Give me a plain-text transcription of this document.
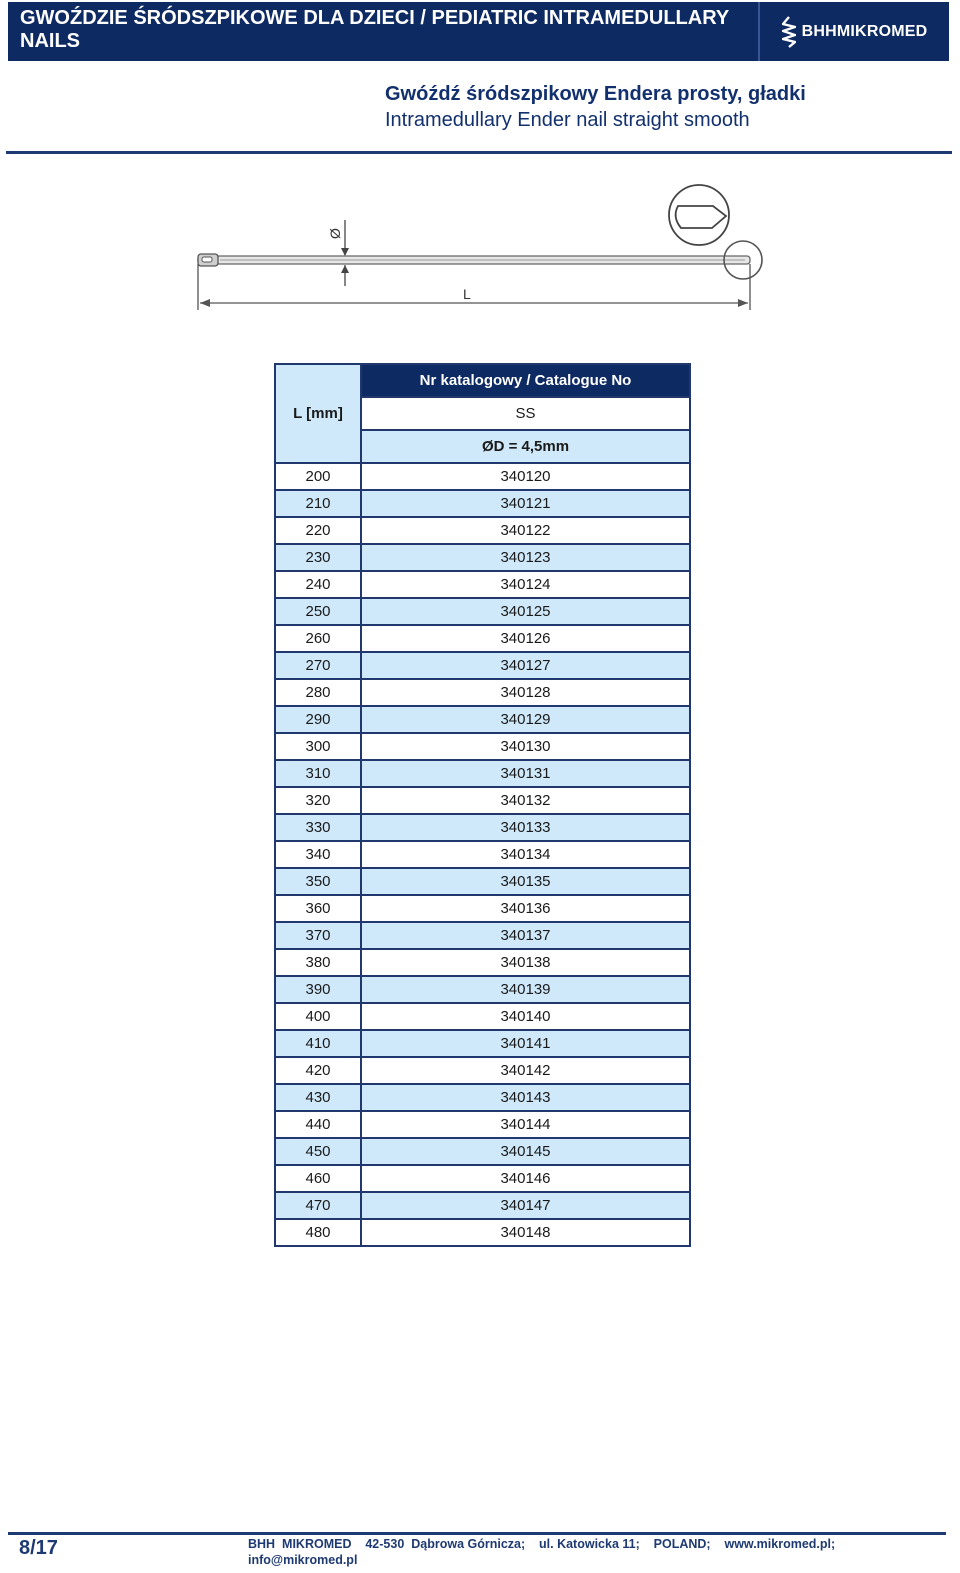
GWOŹDZIE ŚRÓDSZPIKOWE DLA DZIECI / PEDIATRIC INTRAMEDULLARY NAILS	BHHMIKROMED
Gwóźdź śródszpikowy Endera prosty, gładki
Intramedullary Ender nail straight smooth
Ø
L
L [mm]	Nr katalogowy / Catalogue No
	SS
	ØD = 4,5mm
200	340120
210	340121
220	340122
230	340123
240	340124
250	340125
260	340126
270	340127
280	340128
290	340129
300	340130
310	340131
320	340132
330	340133
340	340134
350	340135
360	340136
370	340137
380	340138
390	340139
400	340140
410	340141
420	340142
430	340143
440	340144
450	340145
460	340146
470	340147
480	340148
8/17	BHH  MIKROMED    42-530  Dąbrowa Górnicza;    ul. Katowicka 11;    POLAND;    www.mikromed.pl;
info@mikromed.pl
